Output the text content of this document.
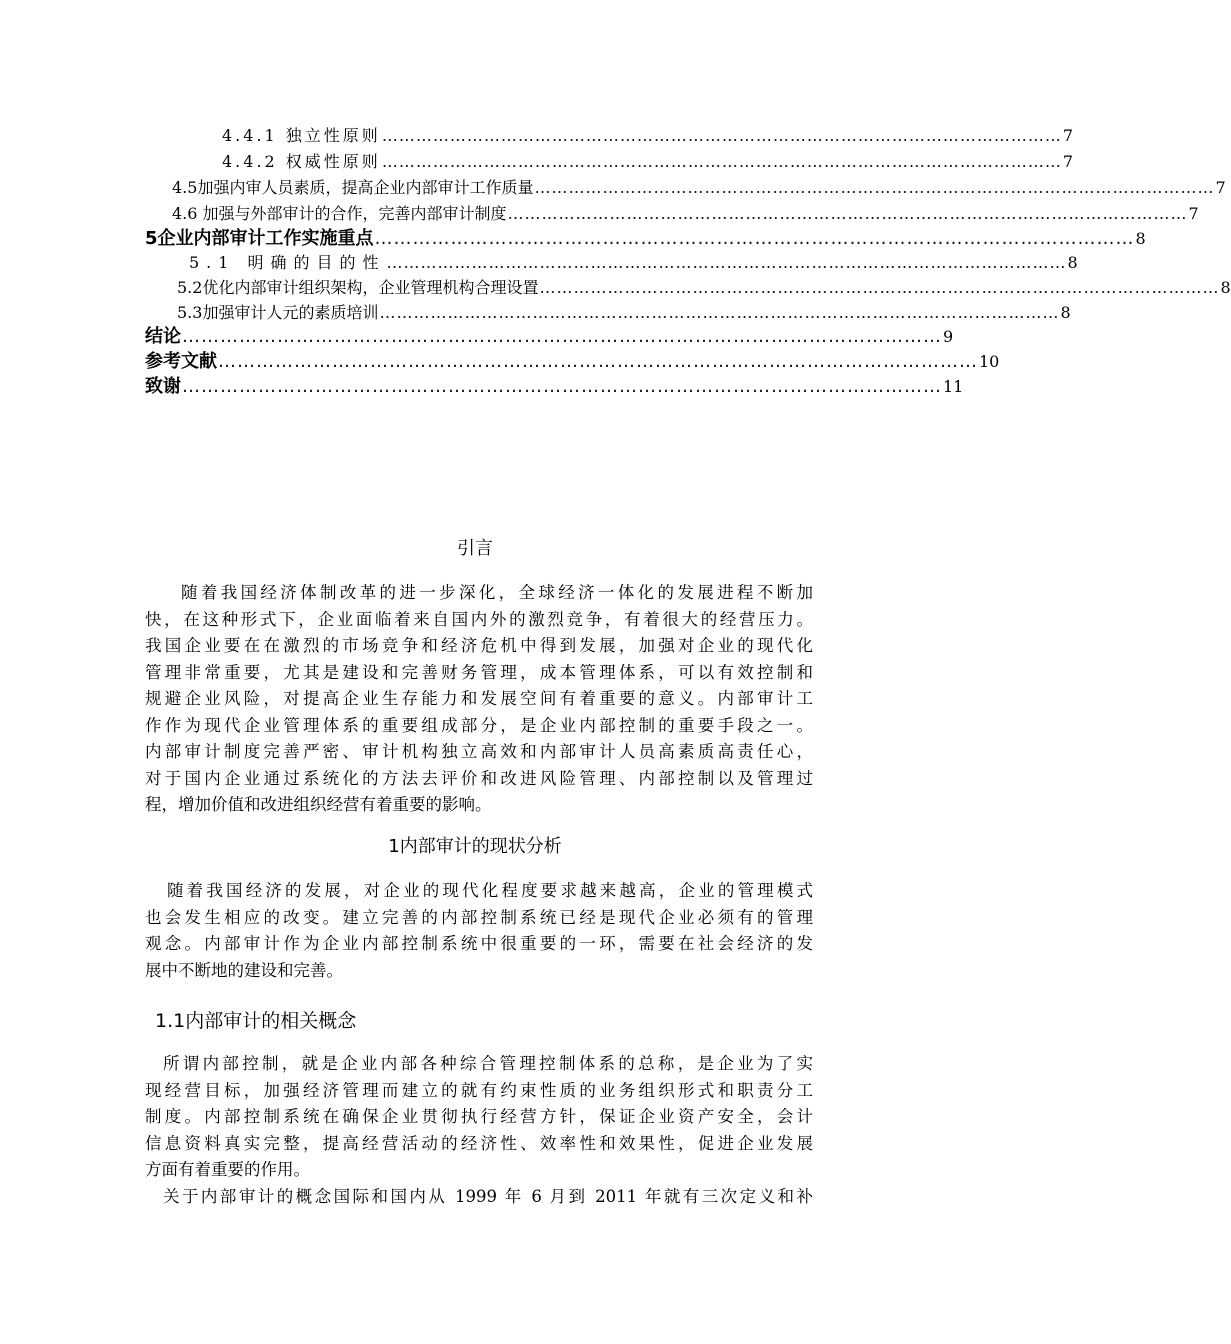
4.4.1 独立性原则 ………………………………………………………………………………………………………… 7
4.4.2 权威性原则 ………………………………………………………………………………………………………… 7
4.5加强内审人员素质，提高企业内部审计工作质量 ………………………………………………………………………………………………………… 7
4.6 加强与外部审计的合作，完善内部审计制度 ………………………………………………………………………………………………………… 7
5企业内部审计工作实施重点 ………………………………………………………………………………………………………… 8
5.1 明确的目的性 ………………………………………………………………………………………………………… 8
5.2优化内部审计组织架构，企业管理机构合理设置 ………………………………………………………………………………………………………… 8
5.3加强审计人元的素质培训 ………………………………………………………………………………………………………… 8
结论 ………………………………………………………………………………………………………… 9
参考文献 ………………………………………………………………………………………………………… 10
致谢 ………………………………………………………………………………………………………… 11
引言
随着我国经济体制改革的进一步深化，全球经济一体化的发展进程不断加
快，在这种形式下，企业面临着来自国内外的激烈竞争，有着很大的经营压力。
我国企业要在在激烈的市场竞争和经济危机中得到发展，加强对企业的现代化
管理非常重要，尤其是建设和完善财务管理，成本管理体系，可以有效控制和
规避企业风险，对提高企业生存能力和发展空间有着重要的意义。内部审计工
作作为现代企业管理体系的重要组成部分，是企业内部控制的重要手段之一。
内部审计制度完善严密、审计机构独立高效和内部审计人员高素质高责任心，
对于国内企业通过系统化的方法去评价和改进风险管理、内部控制以及管理过
程，增加价值和改进组织经营有着重要的影响。
1内部审计的现状分析
随着我国经济的发展，对企业的现代化程度要求越来越高，企业的管理模式
也会发生相应的改变。建立完善的内部控制系统已经是现代企业必须有的管理
观念。内部审计作为企业内部控制系统中很重要的一环，需要在社会经济的发
展中不断地的建设和完善。
1.1内部审计的相关概念
所谓内部控制，就是企业内部各种综合管理控制体系的总称，是企业为了实
现经营目标，加强经济管理而建立的就有约束性质的业务组织形式和职责分工
制度。内部控制系统在确保企业贯彻执行经营方针，保证企业资产安全，会计
信息资料真实完整，提高经营活动的经济性、效率性和效果性，促进企业发展
方面有着重要的作用。
关于内部审计的概念国际和国内从 1999 年 6 月到 2011 年就有三次定义和补
